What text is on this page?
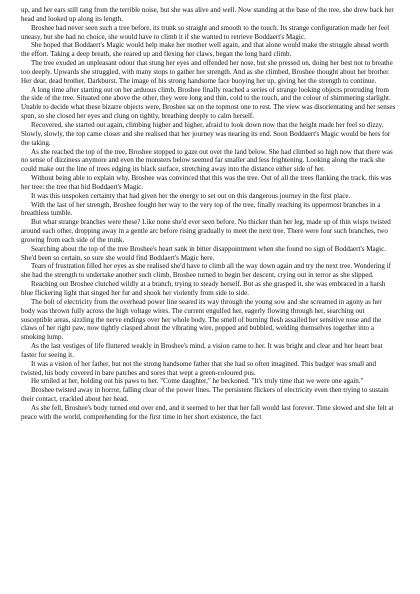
up, and her ears still rang from the terrible noise, but she was alive and well. Now standing at the base of the tree, she drew back her head and looked up along its length.

Broshee had never seen such a tree before, its trunk so straight and smooth to the touch. Its strange configuration made her feel uneasy, but she had no choice, she would have to climb it if she wanted to retrieve Boddaert's Magic.

She hoped that Boddaert's Magic would help make her mother well again, and that alone would make the struggle ahead worth the effort. Taking a deep breath, she reared up and flexing her claws, began the long hard climb.

The tree exuded an unpleasant odour that stung her eyes and offended her nose, but she pressed on, doing her best not to breathe too deeply. Upwards she struggled, with many stops to gather her strength. And as she climbed, Broshee thought about her brother. Her dear, dead brother, Darkburst. The image of his strong handsome face buoying her up, giving her the strength to continue.

A long time after starting out on her arduous climb, Broshee finally reached a series of strange looking objects protruding from the side of the tree. Situated one above the other, they were long and thin, cold to the touch, and the colour of shimmering starlight. Unable to decide what these bizarre objects were, Broshee sat on the topmost one to rest. The view was disorientating and her senses spun, so she closed her eyes and clung on tightly, breathing deeply to calm herself.

Recovered, she started out again, climbing higher and higher, afraid to look down now that the height made her feel so dizzy. Slowly, slowly, the top came closer and she realised that her journey was nearing its end. Soon Boddaert's Magic would be hers for the taking.

As she reached the top of the tree, Broshee stopped to gaze out over the land below. She had climbed so high now that there was no sense of dizziness anymore and even the monsters below seemed far smaller and less frightening. Looking along the track she could make out the line of trees edging its black surface, stretching away into the distance either side of her.

Without being able to explain why, Broshee was convinced that this was the tree. Out of all the trees flanking the track, this was her tree: the tree that hid Boddaert's Magic.

It was this unspoken certainty that had given her the energy to set out on this dangerous journey in the first place.

With the last of her strength, Broshee fought her way to the very top of the tree, finally reaching its uppermost branches in a breathless tumble.

But what strange branches were these? Like none she'd ever seen before. No thicker than her leg, made up of thin wisps twisted around each other, dropping away in a gentle arc before rising gradually to meet the next tree. There were four such branches, two growing from each side of the trunk.

Searching about the top of the tree Broshee's heart sank in bitter disappointment when she found no sign of Boddaert's Magic. She'd been so certain, so sure she would find Boddaert's Magic here.

Tears of frustration filled her eyes as she realised she'd have to climb all the way down again and try the next tree. Wondering if she had the strength to undertake another such climb, Broshee turned to begin her descent, crying out in terror as she slipped.

Reaching out Broshee clutched wildly at a branch, trying to steady herself. But as she grasped it, she was embraced in a harsh blue flickering light that singed her fur and shook her violently from side to side.

The bolt of electricity from the overhead power line seared its way through the young sow and she screamed in agony as her body was thrown fully across the high voltage wires. The current engulfed her, eagerly flowing through her, searching out susceptible areas, sizzling the nerve endings over her whole body. The smell of burning flesh assailed her sensitive nose and the claws of her right paw, now tightly clasped about the vibrating wire, popped and bubbled, welding themselves together into a smoking lump.

As the last vestiges of life fluttered weakly in Broshee's mind, a vision came to her. It was bright and clear and her heart beat faster for seeing it.

It was a vision of her father, but not the strong handsome father that she had so often imagined. This badger was small and twisted, his body covered in bare patches and sores that wept a green-coloured pus.

He smiled at her, holding out his paws to her. "Come daughter," he beckoned. "It's truly time that we were one again."

Broshee twisted away in horror, falling clear of the power lines. The persistent flickers of electricity even then trying to sustain their contact, crackled about her head.

As she fell, Broshee's body turned end over end, and it seemed to her that her fall would last forever. Time slowed and she felt at peace with the world, comprehending for the first time in her short existence, the fact
